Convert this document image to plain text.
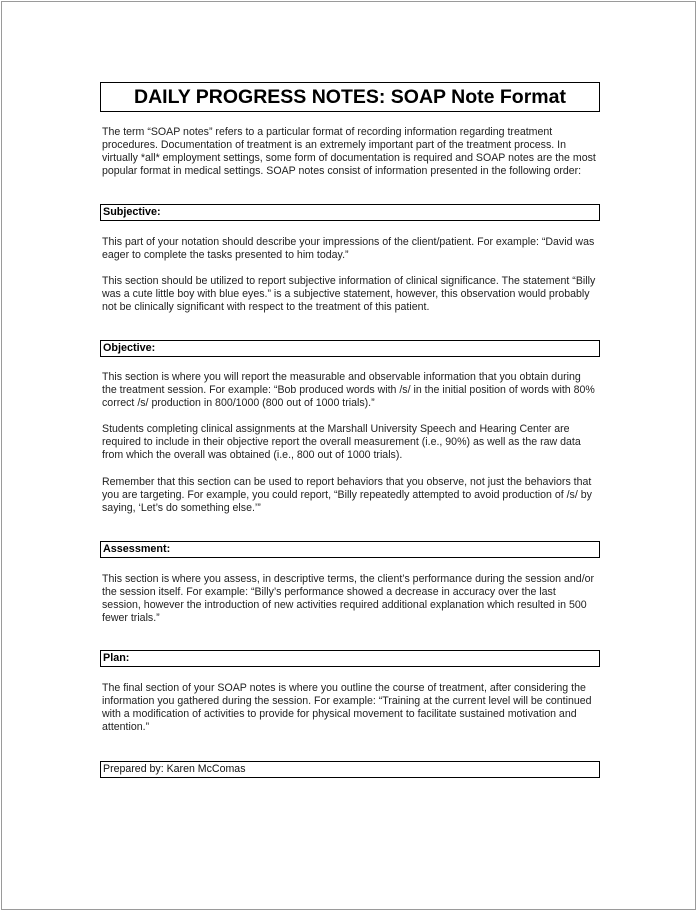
DAILY PROGRESS NOTES: SOAP Note Format

The term “SOAP notes” refers to a particular format of recording information regarding treatment procedures. Documentation of treatment is an extremely important part of the treatment process. In virtually *all* employment settings, some form of documentation is required and SOAP notes are the most popular format in medical settings. SOAP notes consist of information presented in the following order:

Subjective:

This part of your notation should describe your impressions of the client/patient. For example: “David was eager to complete the tasks presented to him today.”

This section should be utilized to report subjective information of clinical significance. The statement “Billy was a cute little boy with blue eyes.” is a subjective statement, however, this observation would probably not be clinically significant with respect to the treatment of this patient.

Objective:

This section is where you will report the measurable and observable information that you obtain during the treatment session. For example: “Bob produced words with /s/ in the initial position of words with 80% correct /s/ production in 800/1000 (800 out of 1000 trials).”

Students completing clinical assignments at the Marshall University Speech and Hearing Center are required to include in their objective report the overall measurement (i.e., 90%) as well as the raw data from which the overall was obtained (i.e., 800 out of 1000 trials).

Remember that this section can be used to report behaviors that you observe, not just the behaviors that you are targeting. For example, you could report, “Billy repeatedly attempted to avoid production of /s/ by saying, ‘Let’s do something else.’”

Assessment:

This section is where you assess, in descriptive terms, the client’s performance during the session and/or the session itself. For example: “Billy’s performance showed a decrease in accuracy over the last session, however the introduction of new activities required additional explanation which resulted in 500 fewer trials.”

Plan:

The final section of your SOAP notes is where you outline the course of treatment, after considering the information you gathered during the session. For example: “Training at the current level will be continued with a modification of activities to provide for physical movement to facilitate sustained motivation and attention.”

Prepared by: Karen McComas
